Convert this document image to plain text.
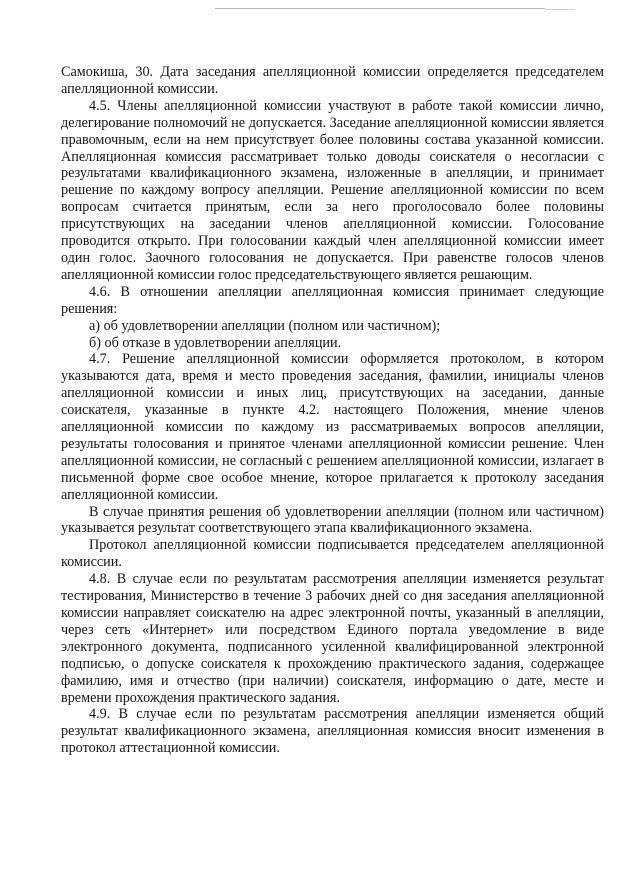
Самокиша, 30. Дата заседания апелляционной комиссии определяется председателем апелляционной комиссии.

4.5. Члены апелляционной комиссии участвуют в работе такой комиссии лично, делегирование полномочий не допускается. Заседание апелляционной комиссии является правомочным, если на нем присутствует более половины состава указанной комиссии. Апелляционная комиссия рассматривает только доводы соискателя о несогласии с результатами квалификационного экзамена, изложенные в апелляции, и принимает решение по каждому вопросу апелляции. Решение апелляционной комиссии по всем вопросам считается принятым, если за него проголосовало более половины присутствующих на заседании членов апелляционной комиссии. Голосование проводится открыто. При голосовании каждый член апелляционной комиссии имеет один голос. Заочного голосования не допускается. При равенстве голосов членов апелляционной комиссии голос председательствующего является решающим.

4.6. В отношении апелляции апелляционная комиссия принимает следующие решения:

а) об удовлетворении апелляции (полном или частичном);

б) об отказе в удовлетворении апелляции.

4.7. Решение апелляционной комиссии оформляется протоколом, в котором указываются дата, время и место проведения заседания, фамилии, инициалы членов апелляционной комиссии и иных лиц, присутствующих на заседании, данные соискателя, указанные в пункте 4.2. настоящего Положения, мнение членов апелляционной комиссии по каждому из рассматриваемых вопросов апелляции, результаты голосования и принятое членами апелляционной комиссии решение. Член апелляционной комиссии, не согласный с решением апелляционной комиссии, излагает в письменной форме свое особое мнение, которое прилагается к протоколу заседания апелляционной комиссии.

В случае принятия решения об удовлетворении апелляции (полном или частичном) указывается результат соответствующего этапа квалификационного экзамена.

Протокол апелляционной комиссии подписывается председателем апелляционной комиссии.

4.8. В случае если по результатам рассмотрения апелляции изменяется результат тестирования, Министерство в течение 3 рабочих дней со дня заседания апелляционной комиссии направляет соискателю на адрес электронной почты, указанный в апелляции, через сеть «Интернет» или посредством Единого портала уведомление в виде электронного документа, подписанного усиленной квалифицированной электронной подписью, о допуске соискателя к прохождению практического задания, содержащее фамилию, имя и отчество (при наличии) соискателя, информацию о дате, месте и времени прохождения практического задания.

4.9. В случае если по результатам рассмотрения апелляции изменяется общий результат квалификационного экзамена, апелляционная комиссия вносит изменения в протокол аттестационной комиссии.
